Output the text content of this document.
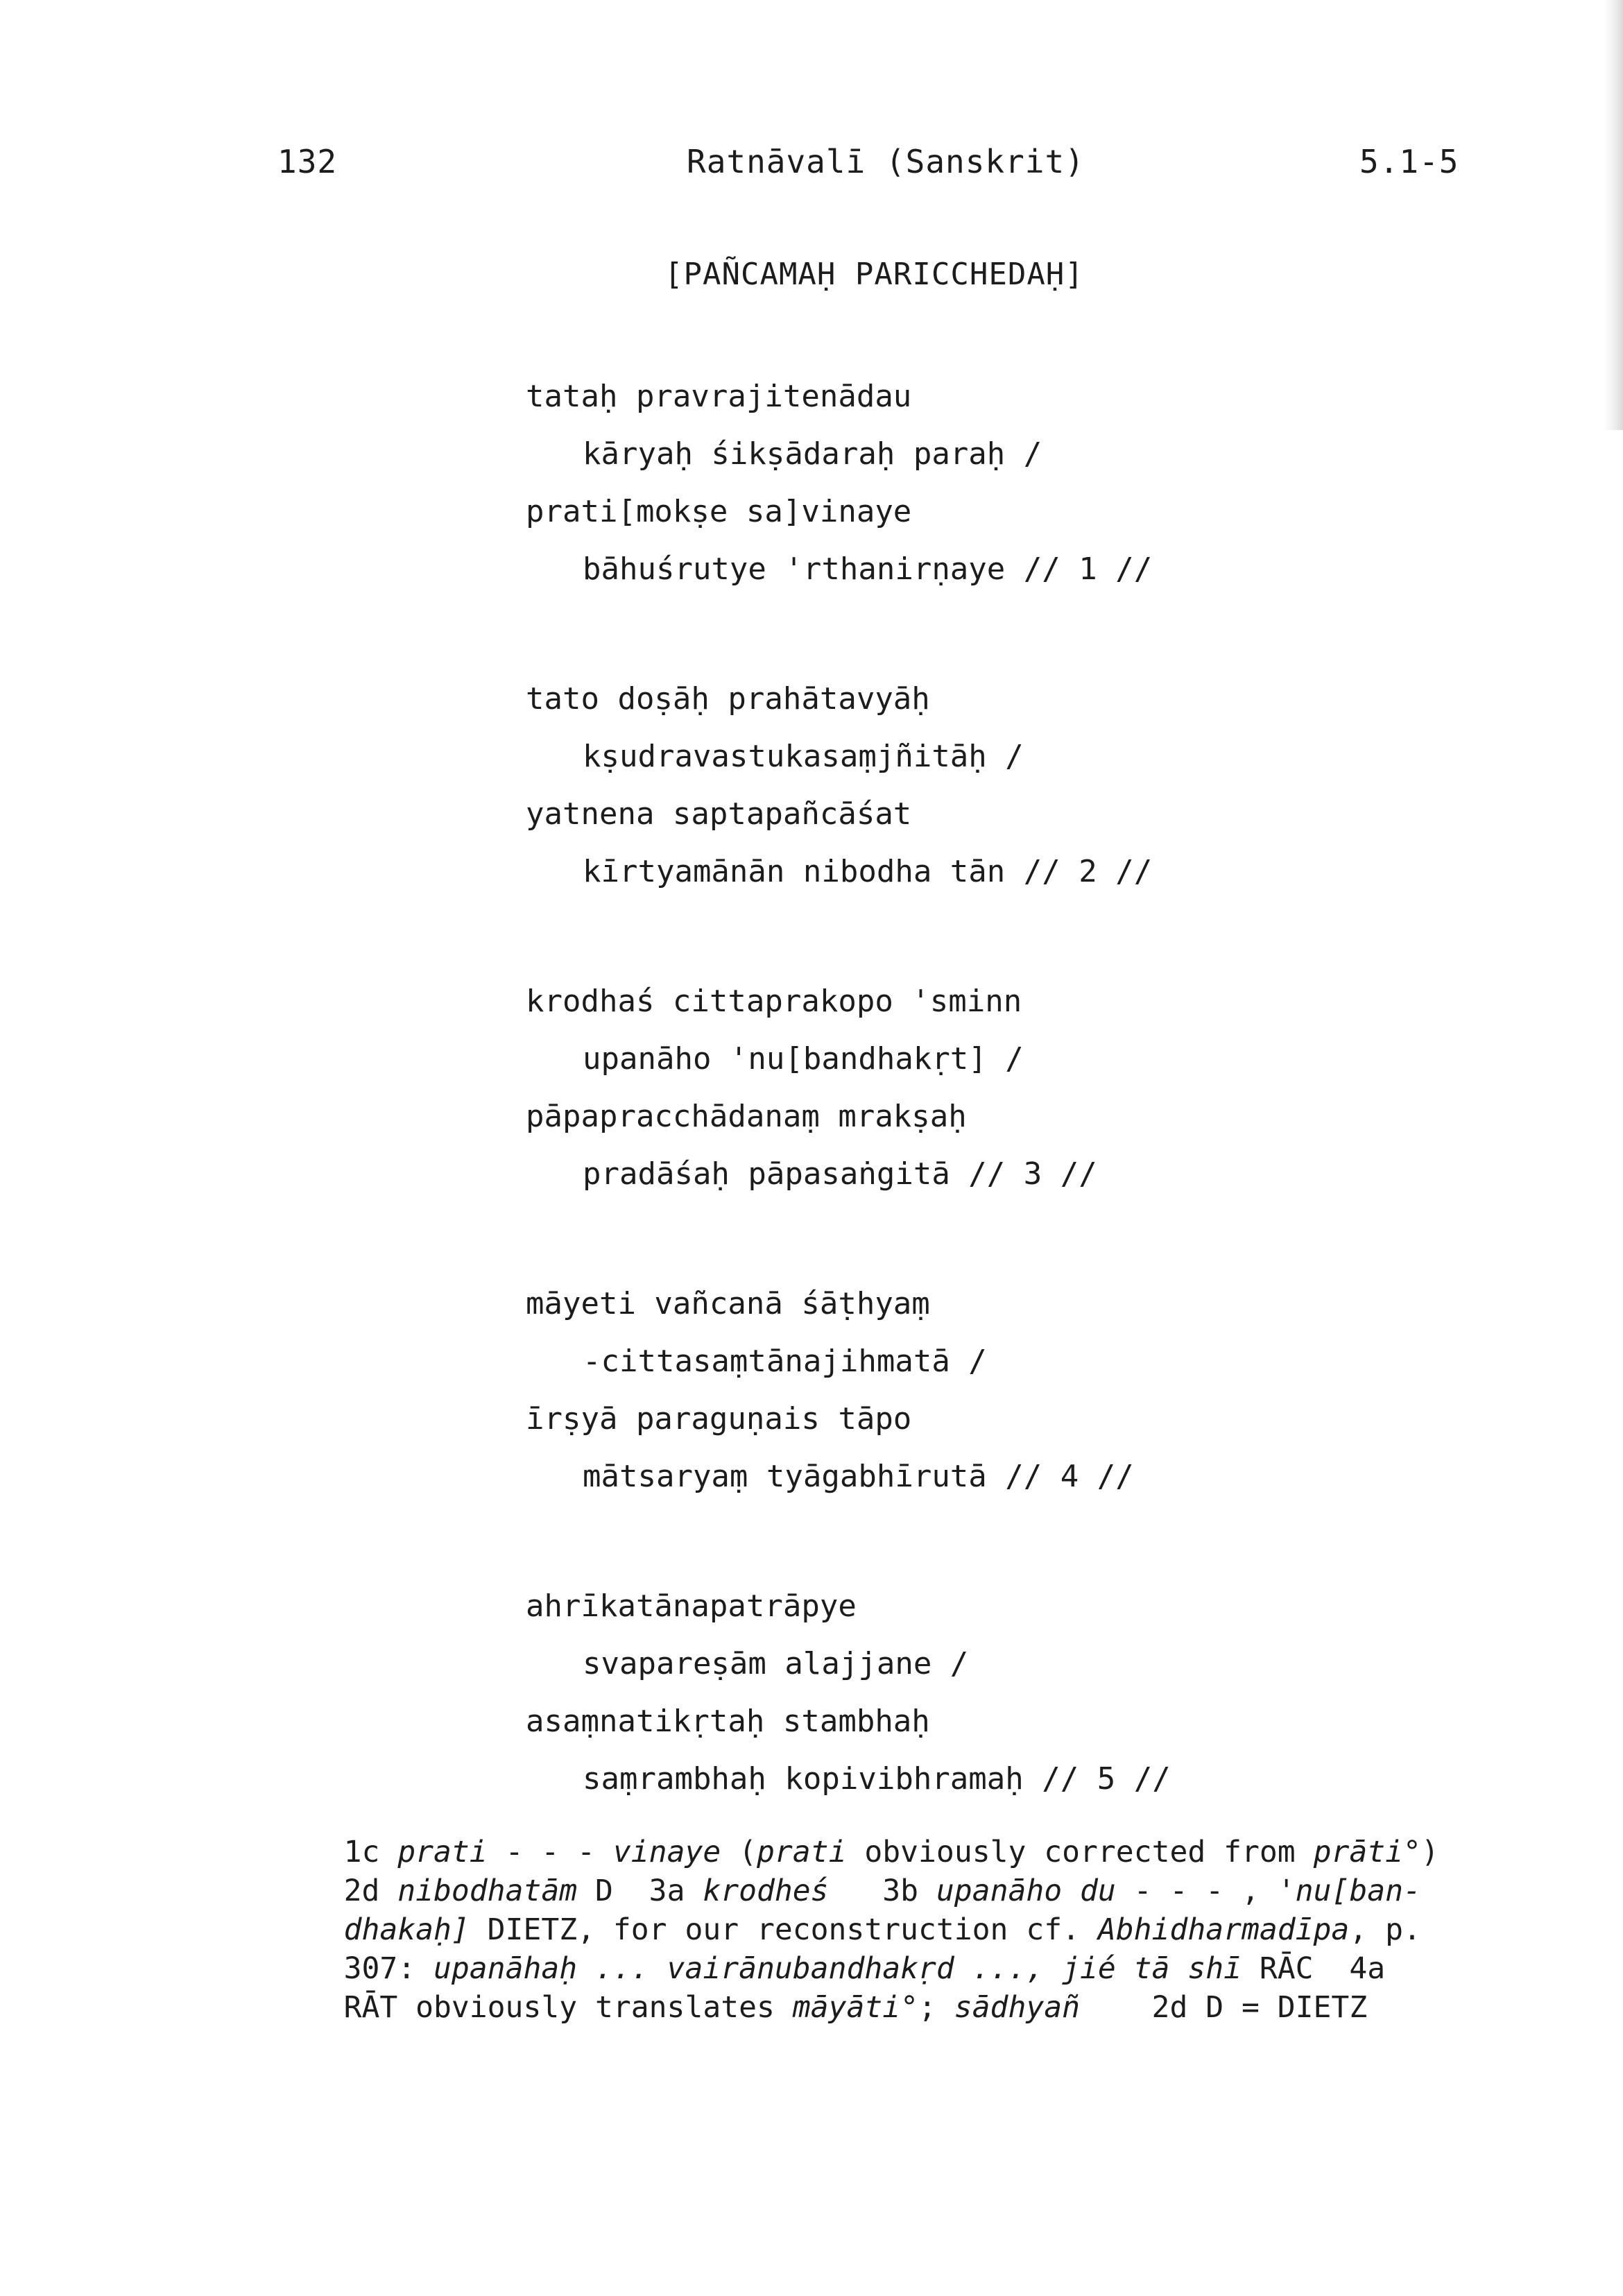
132	Ratnāvalī (Sanskrit)	5.1-5
[PAÑCAMAḤ PARICCHEDAḤ]
tataḥ pravrajitenādau
kāryaḥ śikṣādaraḥ paraḥ /
prati[mokṣe sa]vinaye
bāhuśrutye 'rthanirṇaye // 1 //
tato doṣāḥ prahātavyāḥ
kṣudravastukasaṃjñitāḥ /
yatnena saptapañcāśat
kīrtyamānān nibodha tān // 2 //
krodhaś cittaprakopo 'sminn
upanāho 'nu[bandhakṛt] /
pāpapracchādanaṃ mrakṣaḥ
pradāśaḥ pāpasaṅgitā // 3 //
māyeti vañcanā śāṭhyaṃ
-cittasaṃtānajihmatā /
īrṣyā paraguṇais tāpo
mātsaryaṃ tyāgabhīrutā // 4 //
ahrīkatānapatrāpye
svapareṣām alajjane /
asaṃnatikṛtaḥ stambhaḥ
saṃrambhaḥ kopivibhramaḥ // 5 //

1c prati - - - vinaye (prati obviously corrected from prāti°)

2d nibodhatām D  3a krodheś   3b upanāho du - - - , 'nu[ban-

dhakaḥ] DIETZ, for our reconstruction cf. Abhidharmadīpa, p.

307: upanāhaḥ ... vairānubandhakṛd ..., jié tā shī RĀC  4a

RĀT obviously translates māyāti°; sādhyañ    2d D = DIETZ
